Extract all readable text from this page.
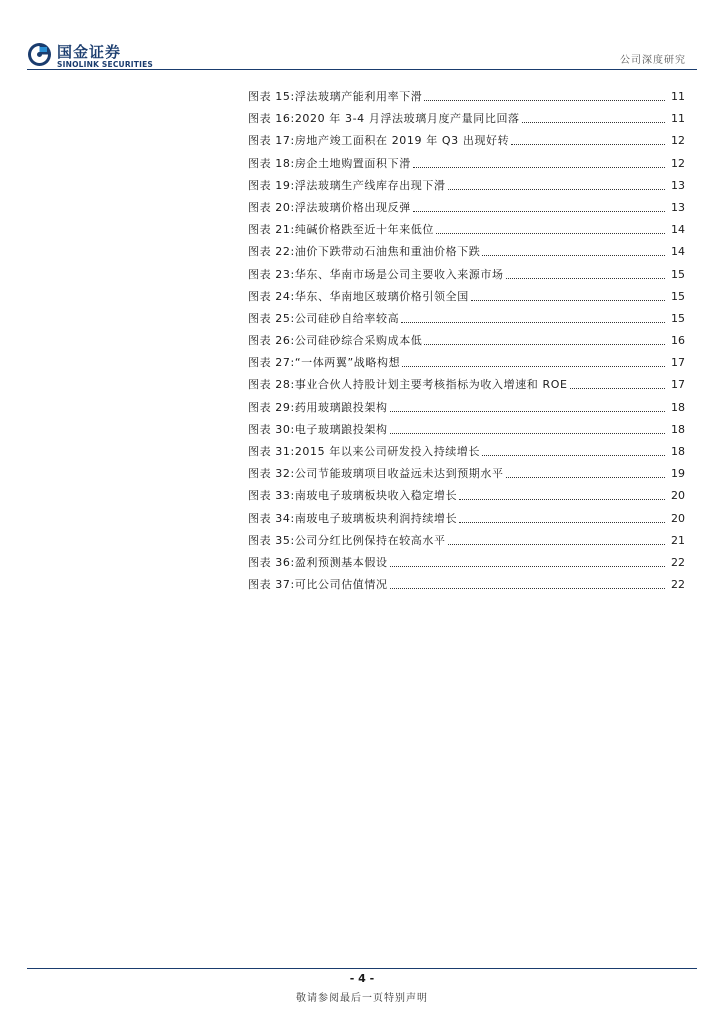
国金证券
SINOLINK SECURITIES	公司深度研究
图表 15: 浮法玻璃产能利用率下滑	11
图表 16: 2020 年 3-4 月浮法玻璃月度产量同比回落	11
图表 17: 房地产竣工面积在 2019 年 Q3 出现好转	12
图表 18: 房企土地购置面积下滑	12
图表 19: 浮法玻璃生产线库存出现下滑	13
图表 20: 浮法玻璃价格出现反弹	13
图表 21: 纯碱价格跌至近十年来低位	14
图表 22: 油价下跌带动石油焦和重油价格下跌	14
图表 23: 华东、华南市场是公司主要收入来源市场	15
图表 24: 华东、华南地区玻璃价格引领全国	15
图表 25: 公司硅砂自给率较高	15
图表 26: 公司硅砂综合采购成本低	16
图表 27: “一体两翼”战略构想	17
图表 28: 事业合伙人持股计划主要考核指标为收入增速和 ROE	17
图表 29: 药用玻璃踉投架构	18
图表 30: 电子玻璃踉投架构	18
图表 31: 2015 年以来公司研发投入持续增长	18
图表 32: 公司节能玻璃项目收益远未达到预期水平	19
图表 33: 南玻电子玻璃板块收入稳定增长	20
图表 34: 南玻电子玻璃板块利润持续增长	20
图表 35: 公司分红比例保持在较高水平	21
图表 36: 盈利预测基本假设	22
图表 37: 可比公司估值情况	22
- 4 -
敬请参阅最后一页特别声明
